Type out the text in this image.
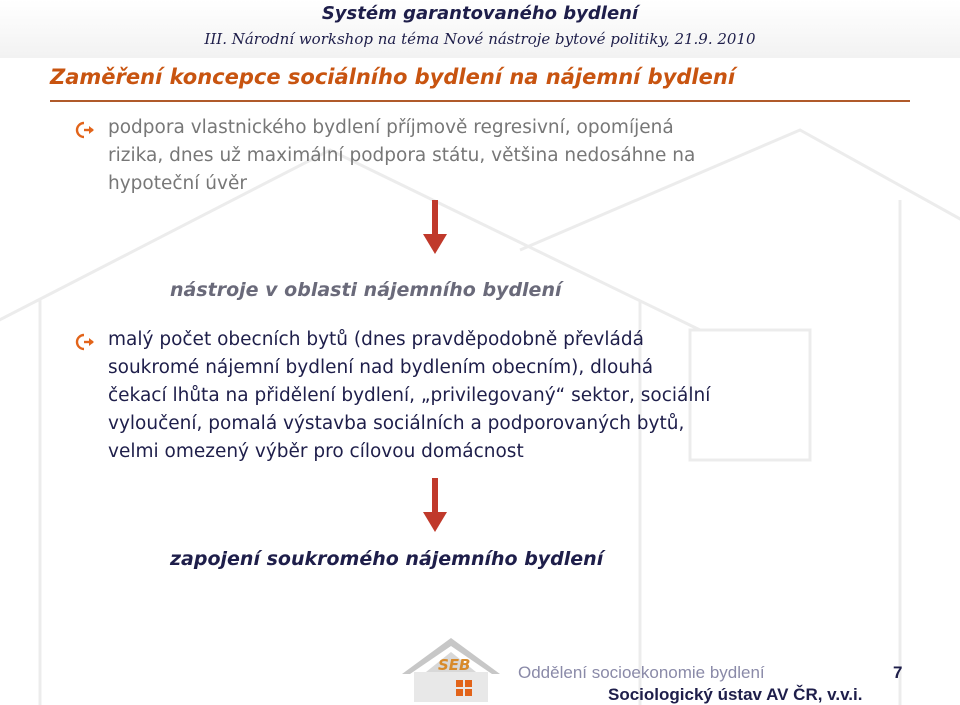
Systém garantovaného bydlení
III. Národní workshop na téma Nové nástroje bytové politiky, 21.9. 2010
Zaměření koncepce sociálního bydlení na nájemní bydlení
podpora vlastnického bydlení příjmově regresivní, opomíjená
rizika, dnes už maximální podpora státu, většina nedosáhne na
hypoteční úvěr
nástroje v oblasti nájemního bydlení
malý počet obecních bytů (dnes pravděpodobně převládá
soukromé nájemní bydlení nad bydlením obecním), dlouhá
čekací lhůta na přidělení bydlení, „privilegovaný“ sektor, sociální
vyloučení, pomalá výstavba sociálních a podporovaných bytů,
velmi omezený výběr pro cílovou domácnost
zapojení soukromého nájemního bydlení
SEB	Oddělení socioekonomie bydlení	7
Sociologický ústav AV ČR, v.v.i.
